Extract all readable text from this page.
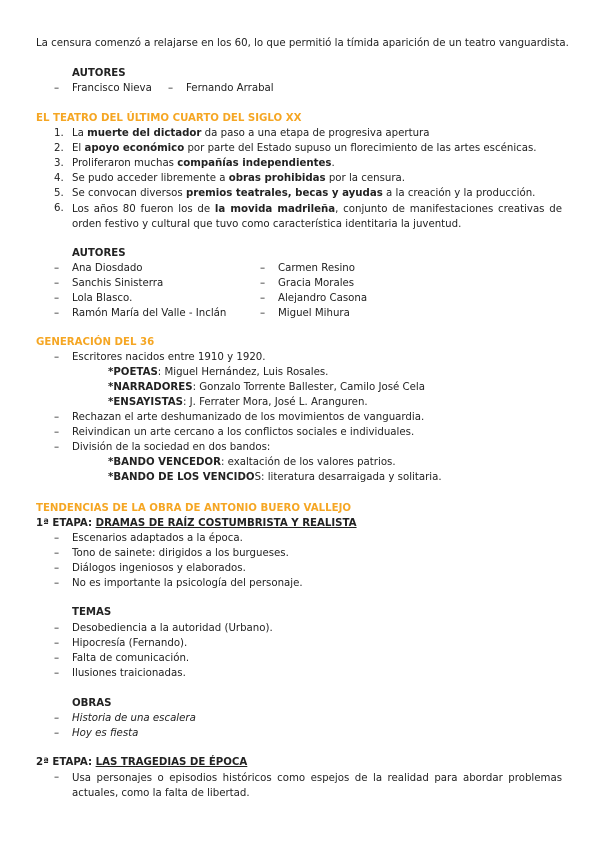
La censura comenzó a relajarse en los 60, lo que permitió la tímida aparición de un teatro vanguardista.
AUTORES
– Francisco Nieva – Fernando Arrabal
EL TEATRO DEL ÚLTIMO CUARTO DEL SIGLO XX
1. La muerte del dictador da paso a una etapa de progresiva apertura
2. El apoyo económico por parte del Estado supuso un florecimiento de las artes escénicas.
3. Proliferaron muchas compañías independientes.
4. Se pudo acceder libremente a obras prohibidas por la censura.
5. Se convocan diversos premios teatrales, becas y ayudas a la creación y la producción.
6. Los años 80 fueron los de la movida madrileña, conjunto de manifestaciones creativas de orden festivo y cultural que tuvo como característica identitaria la juventud.
AUTORES
– Ana Diosdado
– Sanchis Sinisterra
– Lola Blasco.
– Ramón María del Valle - Inclán
– Carmen Resino
– Gracia Morales
– Alejandro Casona
– Miguel Mihura
GENERACIÓN DEL 36
– Escritores nacidos entre 1910 y 1920.
*POETAS: Miguel Hernández, Luis Rosales.
*NARRADORES: Gonzalo Torrente Ballester, Camilo José Cela
*ENSAYISTAS: J. Ferrater Mora, José L. Aranguren.
– Rechazan el arte deshumanizado de los movimientos de vanguardia.
– Reivindican un arte cercano a los conflictos sociales e individuales.
– División de la sociedad en dos bandos:
*BANDO VENCEDOR: exaltación de los valores patrios.
*BANDO DE LOS VENCIDOS: literatura desarraigada y solitaria.
TENDENCIAS DE LA OBRA DE ANTONIO BUERO VALLEJO
1ª ETAPA: DRAMAS DE RAÍZ COSTUMBRISTA Y REALISTA
– Escenarios adaptados a la época.
– Tono de sainete: dirigidos a los burgueses.
– Diálogos ingeniosos y elaborados.
– No es importante la psicología del personaje.
TEMAS
– Desobediencia a la autoridad (Urbano).
– Hipocresía (Fernando).
– Falta de comunicación.
– Ilusiones traicionadas.
OBRAS
– Historia de una escalera
– Hoy es fiesta
2ª ETAPA: LAS TRAGEDIAS DE ÉPOCA
– Usa personajes o episodios históricos como espejos de la realidad para abordar problemas actuales, como la falta de libertad.
